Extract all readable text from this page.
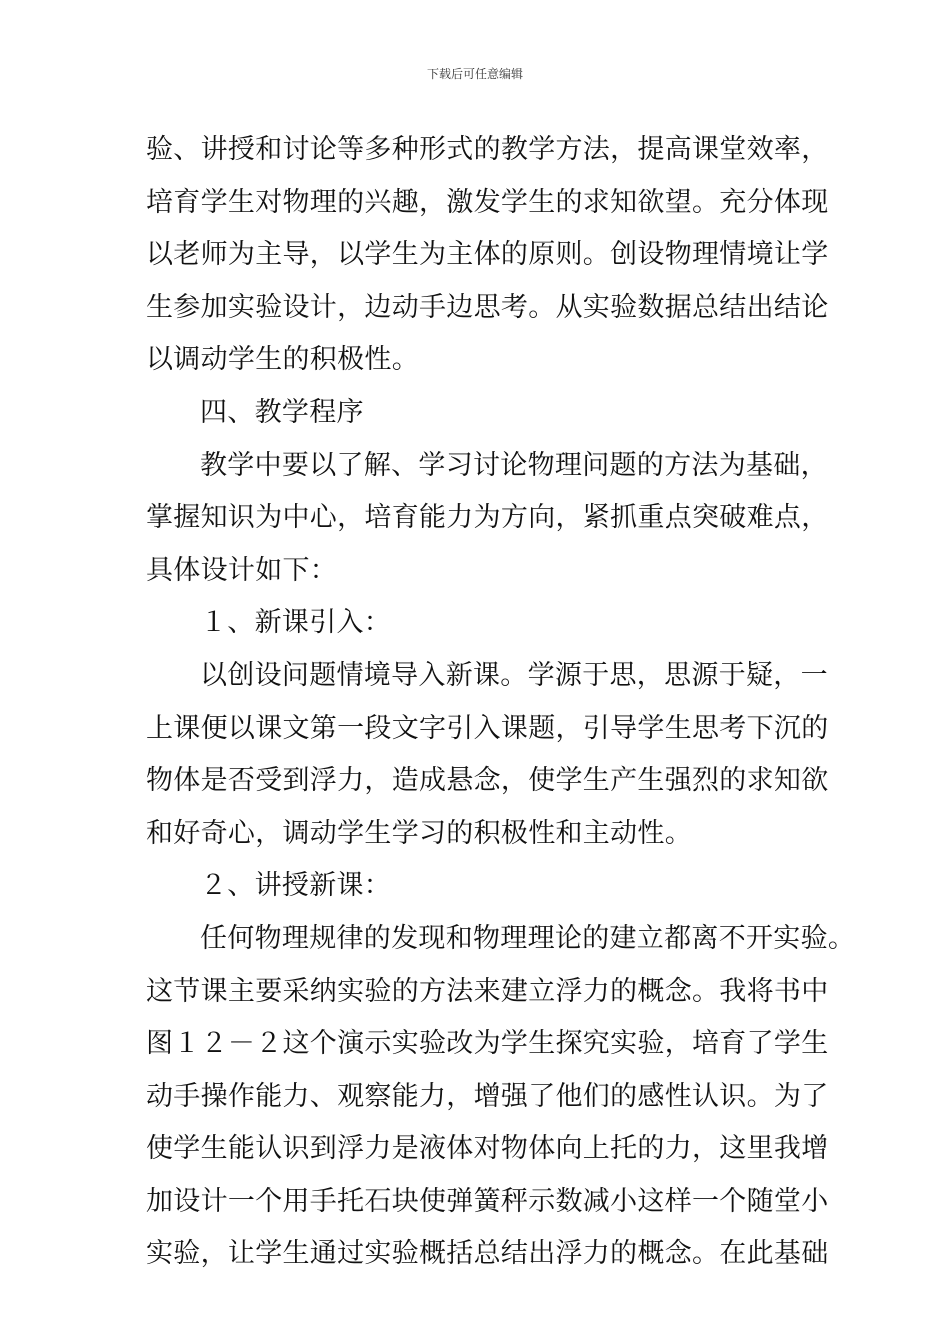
下载后可任意编辑
验、讲授和讨论等多种形式的教学方法，提高课堂效率，
培育学生对物理的兴趣，激发学生的求知欲望。充分体现
以老师为主导，以学生为主体的原则。创设物理情境让学
生参加实验设计，边动手边思考。从实验数据总结出结论
以调动学生的积极性。
四、教学程序
教学中要以了解、学习讨论物理问题的方法为基础，
掌握知识为中心，培育能力为方向，紧抓重点突破难点，
具体设计如下：
１、新课引入：
以创设问题情境导入新课。学源于思，思源于疑，一
上课便以课文第一段文字引入课题，引导学生思考下沉的
物体是否受到浮力，造成悬念，使学生产生强烈的求知欲
和好奇心，调动学生学习的积极性和主动性。
２、讲授新课：
任何物理规律的发现和物理理论的建立都离不开实验。
这节课主要采纳实验的方法来建立浮力的概念。我将书中
图１２－２这个演示实验改为学生探究实验，培育了学生
动手操作能力、观察能力，增强了他们的感性认识。为了
使学生能认识到浮力是液体对物体向上托的力，这里我增
加设计一个用手托石块使弹簧秤示数减小这样一个随堂小
实验，让学生通过实验概括总结出浮力的概念。在此基础
